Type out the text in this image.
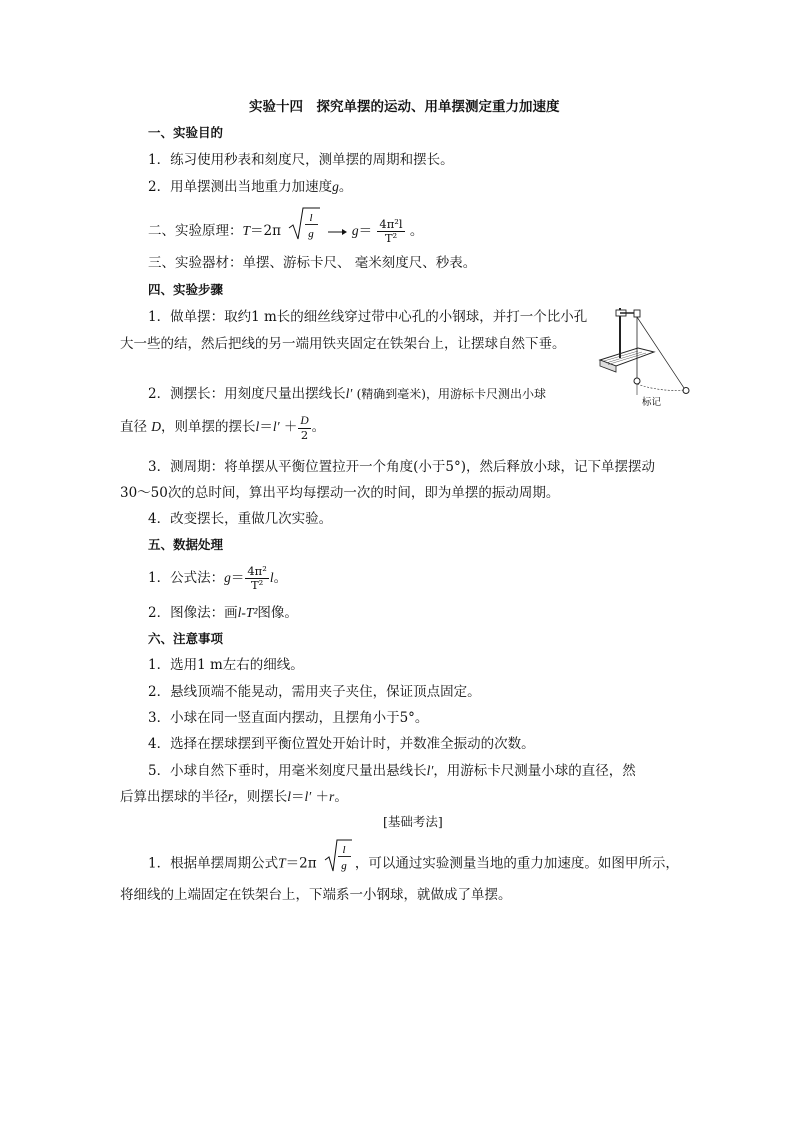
实验十四　探究单摆的运动、用单摆测定重力加速度
一、实验目的
1．练习使用秒表和刻度尺，测单摆的周期和摆长。
2．用单摆测出当地重力加速度g。
二、实验原理：T＝2π
l
g	$g= \frac{\text{4π²l}}{\text{T²}}$ 。
三、实验器材：单摆、游标卡尺、 毫米刻度尺、秒表。
四、实验步骤
1．做单摆：取约1 m长的细丝线穿过带中心孔的小钢球，并打一个比小孔
大一些的结，然后把线的另一端用铁夹固定在铁架台上，让摆球自然下垂。
2．测摆长：用刻度尺量出摆线长l′ (精确到毫米)，用游标卡尺测出小球
直径 D，则单摆的摆长$l=l' + \frac{D}{2}$ 。
3．测周期：将单摆从平衡位置拉开一个角度(小于5°)，然后释放小球，记下单摆摆动
30～50次的总时间，算出平均每摆动一次的时间，即为单摆的振动周期。
4．改变摆长，重做几次实验。
五、数据处理
1．公式法：$g= \frac{\text{4π²}}{\text{T²}}$ l。
2．图像法：画l-T²图像。
六、注意事项
1．选用1 m左右的细线。
2．悬线顶端不能晃动，需用夹子夹住，保证顶点固定。
3．小球在同一竖直面内摆动，且摆角小于5°。
4．选择在摆球摆到平衡位置处开始计时，并数准全振动的次数。
5．小球自然下垂时，用毫米刻度尺量出悬线长l′，用游标卡尺测量小球的直径，然
后算出摆球的半径r，则摆长l＝l′ ＋r。
[基础考法]
1．根据单摆周期公式T＝2π
l
g ，可以通过实验测量当地的重力加速度。如图甲所示，
将细线的上端固定在铁架台上，下端系一小钢球，就做成了单摆。
标记
